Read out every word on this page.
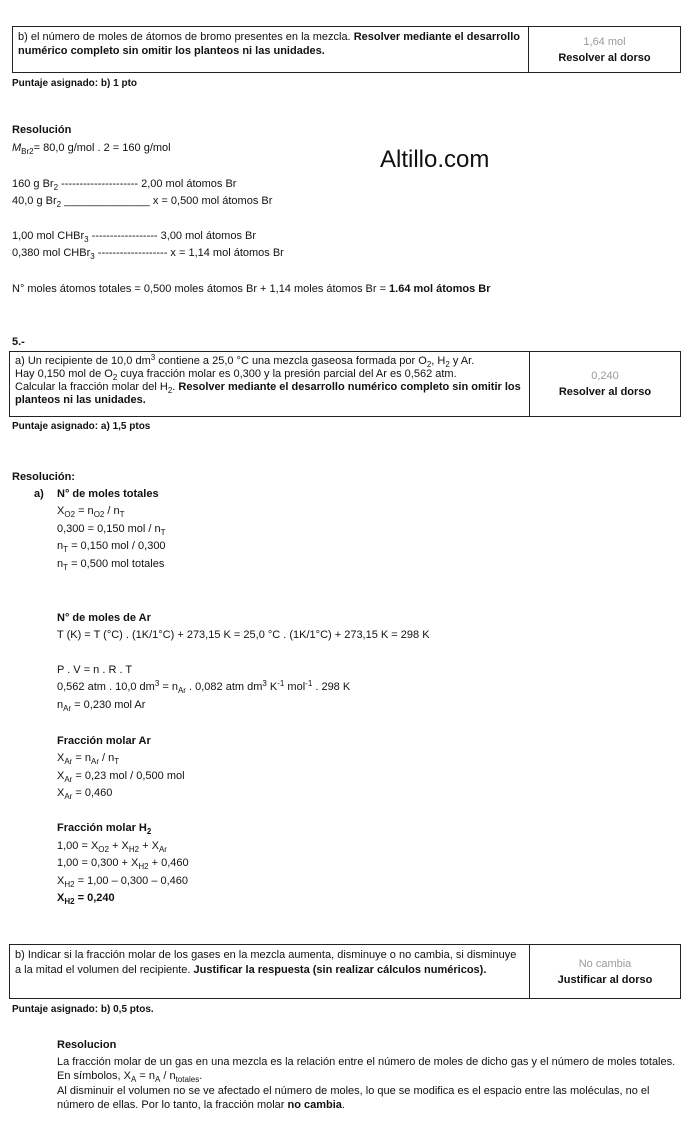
b) el número de moles de átomos de bromo presentes en la mezcla. Resolver mediante el desarrollo numérico completo sin omitir los planteos ni las unidades.
1,64 mol
Resolver al dorso
Puntaje asignado: b) 1 pto
Resolución
$M_{Br2}= 80,0$ g/mol . 2 = 160 g/mol	Altillo.com
160 g $Br_2$ --------------------- 2,00 mol átomos Br
40,0 g $Br_2$ ______________ x = 0,500 mol átomos Br
1,00 mol CHBr$_3$ ------------------ 3,00 mol átomos Br
0,380 mol CHBr$_3$ ------------------- x = 1,14 mol átomos Br
N° moles átomos totales = 0,500 moles átomos Br + 1,14 moles átomos Br = 1.64 mol átomos Br
5.-
a) Un recipiente de 10,0 $dm^3$ contiene a 25,0 °C una mezcla gaseosa formada por $O_2$, $H_2$ y Ar.
Hay 0,150 mol de $O_2$ cuya fracción molar es 0,300 y la presión parcial del Ar es 0,562 atm.
Calcular la fracción molar del $H_2$. Resolver mediante el desarrollo numérico completo sin omitir los planteos ni las unidades.
0,240
Resolver al dorso
Puntaje asignado: a) 1,5 ptos
Resolución:
a) N° de moles totales
$X_{O2} = n_{O2} / n_T$
0,300 = 0,150 mol / $n_T$
$n_T = 0,150$ mol / 0,300
$n_T = 0,500$ mol totales
N° de moles de Ar
T (K) = T (°C) . (1K/1°C) + 273,15 K = 25,0 °C . (1K/1°C) + 273,15 K = 298 K
P . V = n . R . T
0,562 atm . 10,0 $dm^3 = n_{Ar}$ . 0,082 atm $dm^3$ $K^{-1}$ mol$^{-1}$ . 298 K
$n_{Ar} = 0,230$ mol Ar
Fracción molar Ar
$X_{Ar} = n_{Ar} / n_T$
$X_{Ar} = 0,23$ mol / 0,500 mol
$X_{Ar} = 0,460$
Fracción molar $H_2$
$1,00 = X_{O2} + X_{H2} + X_{Ar}$
$1,00 = 0,300 + X_{H2} + 0,460$
$X_{H2} = 1,00 - 0,300 - 0,460$
$X_{H2} = 0,240$
b) Indicar si la fracción molar de los gases en la mezcla aumenta, disminuye o no cambia, si disminuye a la mitad el volumen del recipiente. Justificar la respuesta (sin realizar cálculos numéricos).
No cambia
Justificar al dorso
Puntaje asignado: b) 0,5 ptos.
Resolucion
La fracción molar de un gas en una mezcla es la relación entre el número de moles de dicho gas y el número de moles totales. En símbolos, $X_A = n_A / n_{totales}$.
Al disminuir el volumen no se ve afectado el número de moles, lo que se modifica es el espacio entre las moléculas, no el número de ellas. Por lo tanto, la fracción molar no cambia.
